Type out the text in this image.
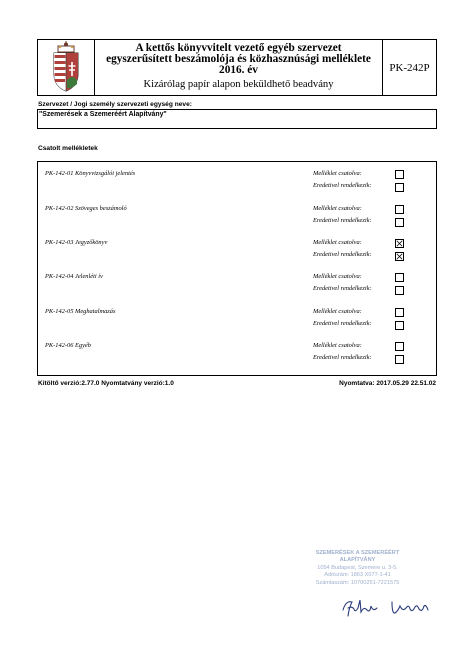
A kettős könyvvitelt vezető egyéb szervezet
egyszerűsített beszámolója és közhasznúsági melléklete
2016. év
Kizárólag papír alapon beküldhető beadvány
PK-242P
Szervezet / Jogi személy szervezeti egység neve:
"Szemerések a Szemeréért Alapítvány"
Csatolt mellékletek
PK-142-01 Könyvvizsgálói jelentés	Melléklet csatolva:
Eredetivel rendelkezik:
PK-142-02 Szöveges beszámoló	Melléklet csatolva:
Eredetivel rendelkezik:
PK-142-03 Jegyzőkönyv	Melléklet csatolva:
Eredetivel rendelkezik:
PK-142-04 Jelenléti ív	Melléklet csatolva:
Eredetivel rendelkezik:
PK-142-05 Meghatalmazás	Melléklet csatolva:
Eredetivel rendelkezik:
PK-142-06 Egyéb	Melléklet csatolva:
Eredetivel rendelkezik:
Kitöltő verzió:2.77.0 Nyomtatvány verzió:1.0	Nyomtatva: 2017.05.29 22.51.02
SZEMERÉSEK A SZEMERÉÉRT
ALAPÍTVÁNY
1054 Budapest, Szemere u. 3-5.
Adószám: 1863 X077-1-41
Számlaszám: 10700251-7221575
